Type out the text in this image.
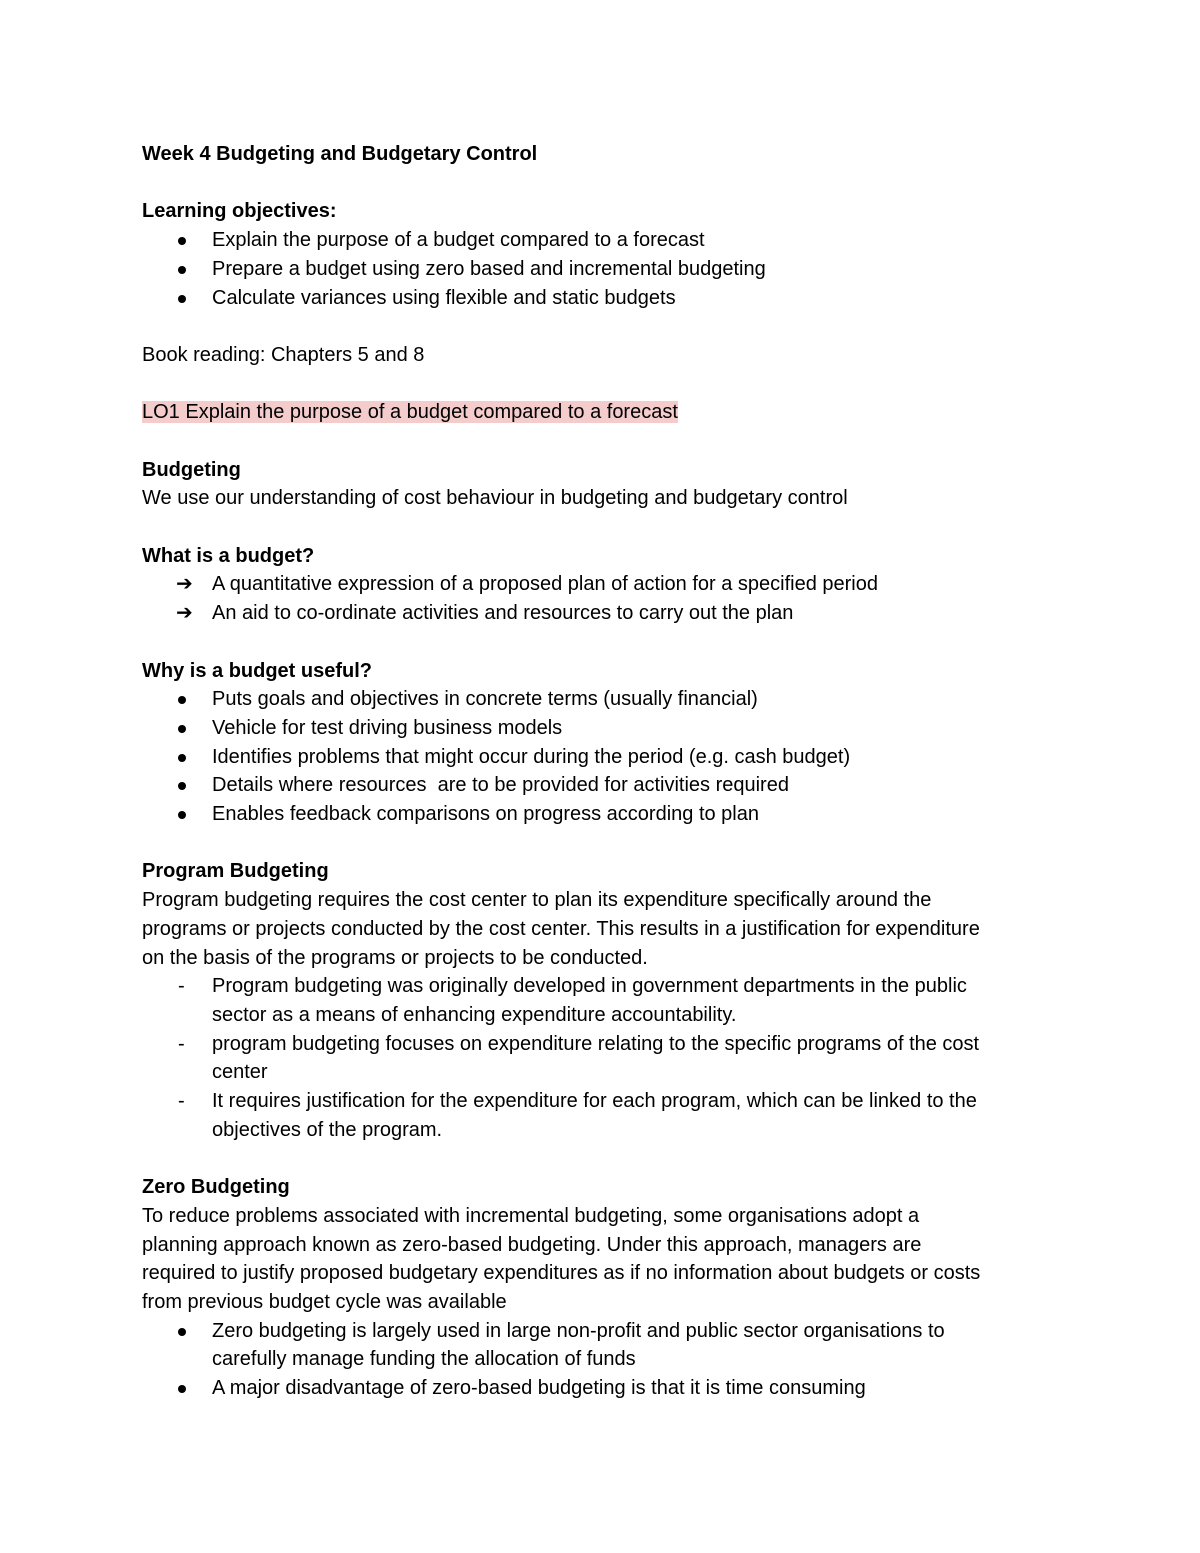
Week 4 Budgeting and Budgetary Control

Learning objectives:

Explain the purpose of a budget compared to a forecast
Prepare a budget using zero based and incremental budgeting
Calculate variances using flexible and static budgets

Book reading: Chapters 5 and 8

LO1 Explain the purpose of a budget compared to a forecast

Budgeting

We use our understanding of cost behaviour in budgeting and budgetary control

What is a budget?

➔ A quantitative expression of a proposed plan of action for a specified period
➔ An aid to co-ordinate activities and resources to carry out the plan

Why is a budget useful?

Puts goals and objectives in concrete terms (usually financial)
Vehicle for test driving business models
Identifies problems that might occur during the period (e.g. cash budget)
Details where resources  are to be provided for activities required
Enables feedback comparisons on progress according to plan

Program Budgeting

Program budgeting requires the cost center to plan its expenditure specifically around the

programs or projects conducted by the cost center. This results in a justification for expenditure

on the basis of the programs or projects to be conducted.

- Program budgeting was originally developed in government departments in the public
sector as a means of enhancing expenditure accountability.
- program budgeting focuses on expenditure relating to the specific programs of the cost
center
- It requires justification for the expenditure for each program, which can be linked to the
objectives of the program.

Zero Budgeting

To reduce problems associated with incremental budgeting, some organisations adopt a

planning approach known as zero-based budgeting. Under this approach, managers are

required to justify proposed budgetary expenditures as if no information about budgets or costs

from previous budget cycle was available

Zero budgeting is largely used in large non-profit and public sector organisations to
carefully manage funding the allocation of funds
A major disadvantage of zero-based budgeting is that it is time consuming
